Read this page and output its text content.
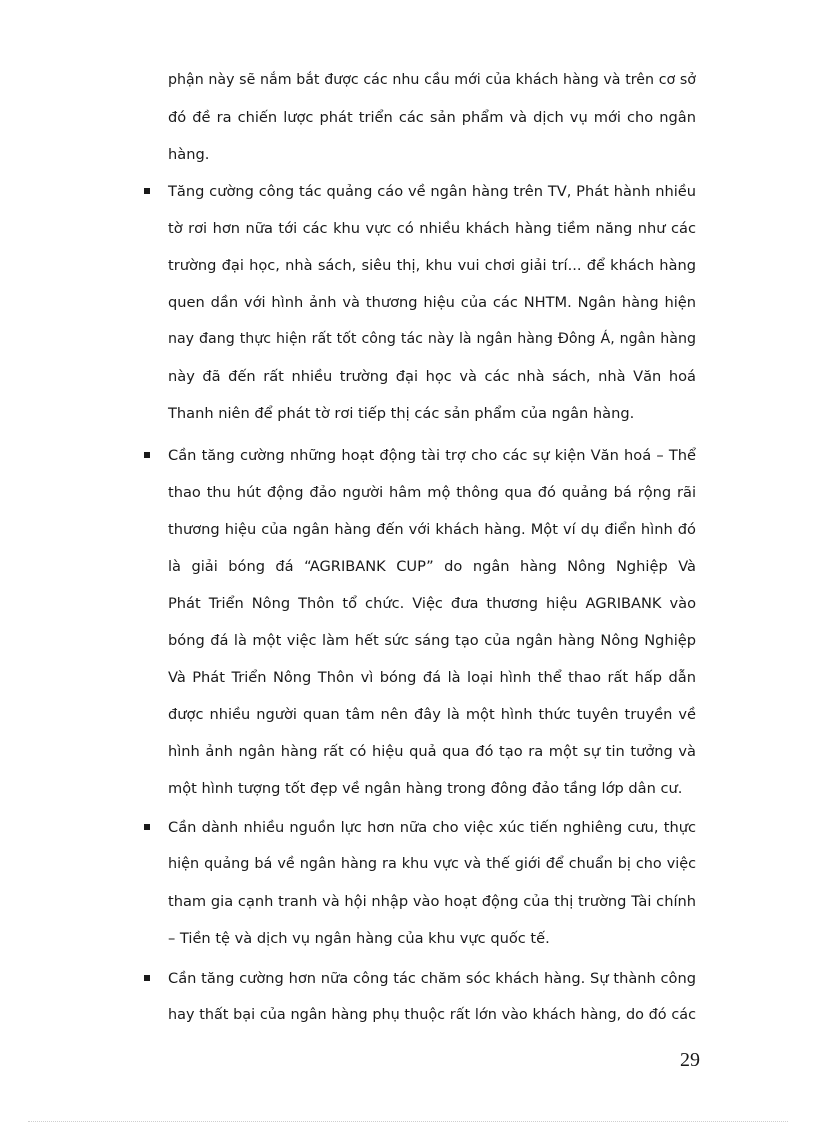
phận này sẽ nắm bắt được các nhu cầu mới của khách hàng và trên cơ sở
đó đề ra chiến lược phát triển các sản phẩm và dịch vụ mới cho ngân
hàng.
Tăng cường công tác quảng cáo về ngân hàng trên TV, Phát hành nhiều
tờ rơi hơn nữa tới các khu vực có nhiều khách hàng tiềm năng như các
trường đại học, nhà sách, siêu thị, khu vui chơi giải trí... để khách hàng
quen dần với hình ảnh và thương hiệu của các NHTM. Ngân hàng hiện
nay đang thực hiện rất tốt công tác này là ngân hàng Đông Á, ngân hàng
này đã đến rất nhiều trường đại học và các nhà sách, nhà Văn hoá
Thanh niên để phát tờ rơi tiếp thị các sản phẩm của ngân hàng.
Cần tăng cường những hoạt động tài trợ cho các sự kiện Văn hoá – Thể
thao thu hút động đảo người hâm mộ thông qua đó quảng bá rộng rãi
thương hiệu của ngân hàng đến với khách hàng. Một ví dụ điển hình đó
là giải bóng đá “AGRIBANK CUP” do ngân hàng Nông Nghiệp Và
Phát Triển Nông Thôn tổ chức. Việc đưa thương hiệu AGRIBANK vào
bóng đá là một việc làm hết sức sáng tạo của ngân hàng Nông Nghiệp
Và Phát Triển Nông Thôn vì bóng đá là loại hình thể thao rất hấp dẫn
được nhiều người quan tâm nên đây là một hình thức tuyên truyền về
hình ảnh ngân hàng rất có hiệu quả qua đó tạo ra một sự tin tưởng và
một hình tượng tốt đẹp về ngân hàng trong đông đảo tầng lớp dân cư.
Cần dành nhiều nguồn lực hơn nữa cho việc xúc tiến nghiêng cưu, thực
hiện quảng bá về ngân hàng ra khu vực và thế giới để chuẩn bị cho việc
tham gia cạnh tranh và hội nhập vào hoạt động của thị trường Tài chính
– Tiền tệ và dịch vụ ngân hàng của khu vực quốc tế.
Cần tăng cường hơn nữa công tác chăm sóc khách hàng. Sự thành công
hay thất bại của ngân hàng phụ thuộc rất lớn vào khách hàng, do đó các
29
